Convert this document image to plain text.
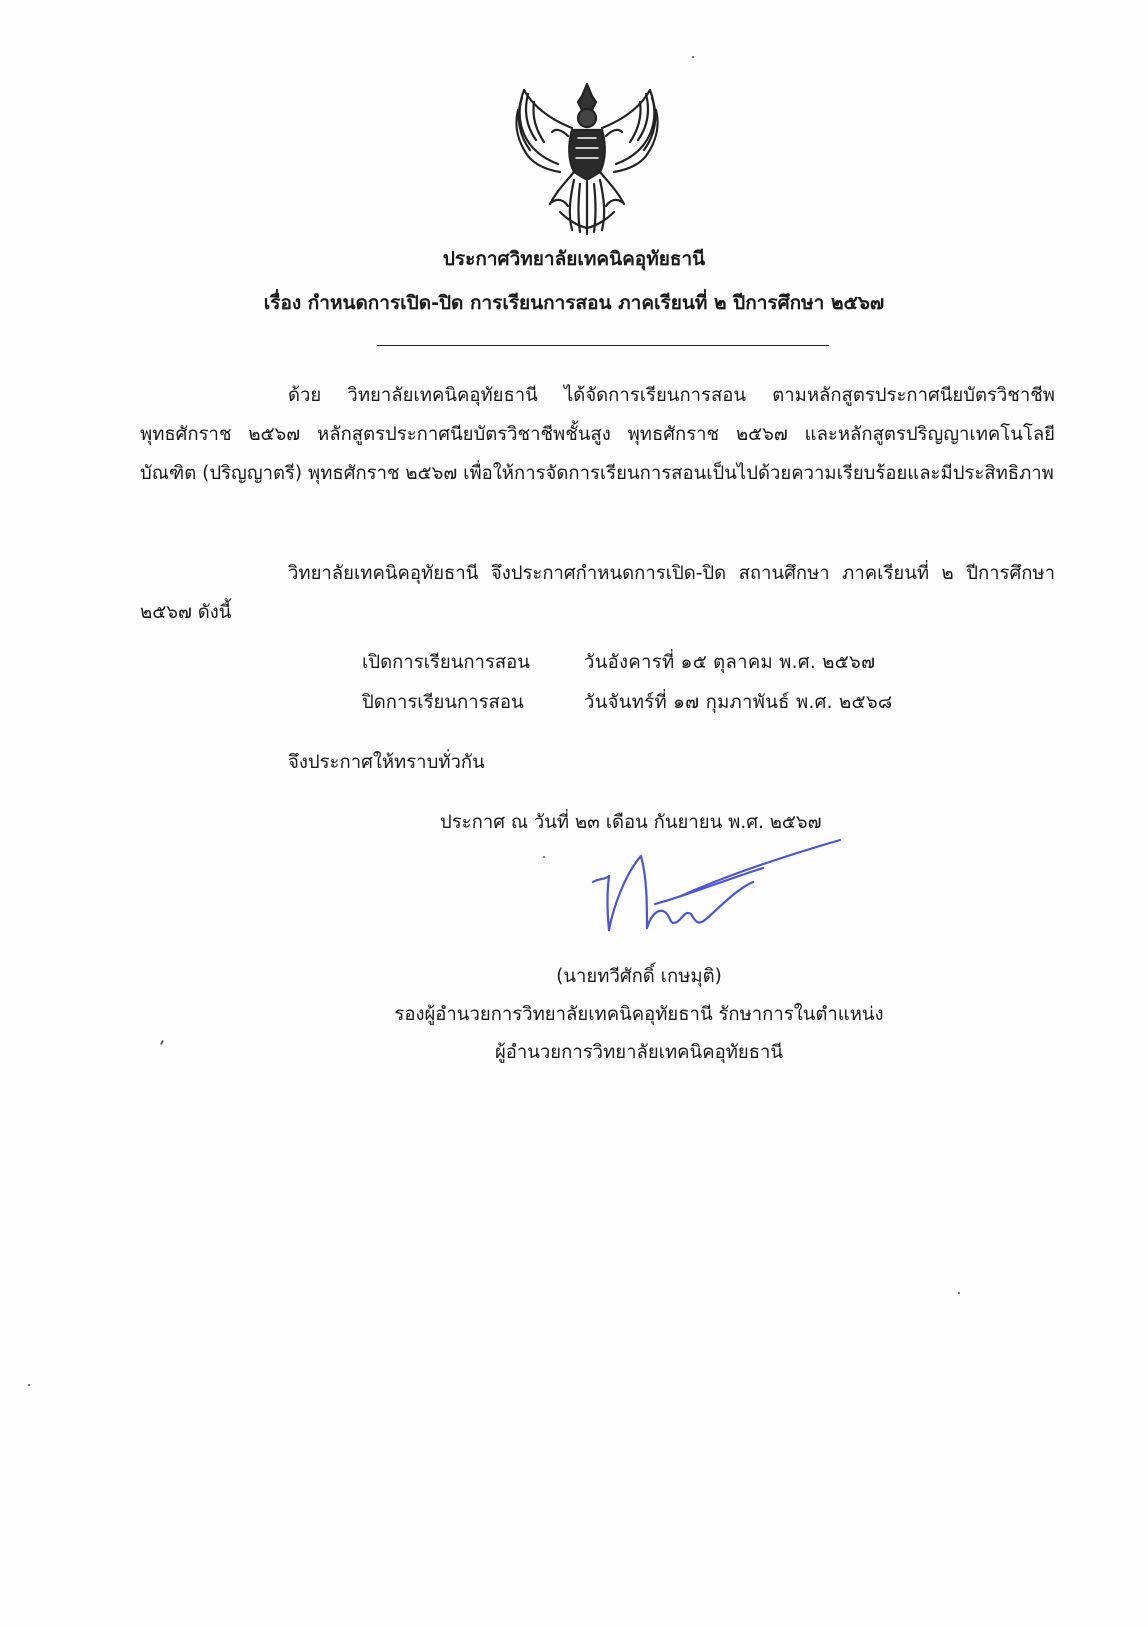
ประกาศวิทยาลัยเทคนิคอุทัยธานี
เรื่อง กำหนดการเปิด-ปิด การเรียนการสอน ภาคเรียนที่ ๒ ปีการศึกษา ๒๕๖๗
ด้วย วิทยาลัยเทคนิคอุทัยธานี ได้จัดการเรียนการสอน ตามหลักสูตรประกาศนียบัตรวิชาชีพพุทธศักราช ๒๕๖๗ หลักสูตรประกาศนียบัตรวิชาชีพชั้นสูง พุทธศักราช ๒๕๖๗ และหลักสูตรปริญญาเทคโนโลยีบัณฑิต (ปริญญาตรี) พุทธศักราช ๒๕๖๗ เพื่อให้การจัดการเรียนการสอนเป็นไปด้วยความเรียบร้อยและมีประสิทธิภาพ
วิทยาลัยเทคนิคอุทัยธานี จึงประกาศกำหนดการเปิด-ปิด สถานศึกษา ภาคเรียนที่ ๒ ปีการศึกษา ๒๕๖๗ ดังนี้
เปิดการเรียนการสอน	วันอังคารที่ ๑๕ ตุลาคม พ.ศ. ๒๕๖๗
ปิดการเรียนการสอน	วันจันทร์ที่ ๑๗ กุมภาพันธ์ พ.ศ. ๒๕๖๘
จึงประกาศให้ทราบทั่วกัน
ประกาศ ณ วันที่ ๒๓ เดือน กันยายน พ.ศ. ๒๕๖๗
(นายทวีศักดิ์ เกษมุติ)
รองผู้อำนวยการวิทยาลัยเทคนิคอุทัยธานี รักษาการในตำแหน่ง
ผู้อำนวยการวิทยาลัยเทคนิคอุทัยธานี
